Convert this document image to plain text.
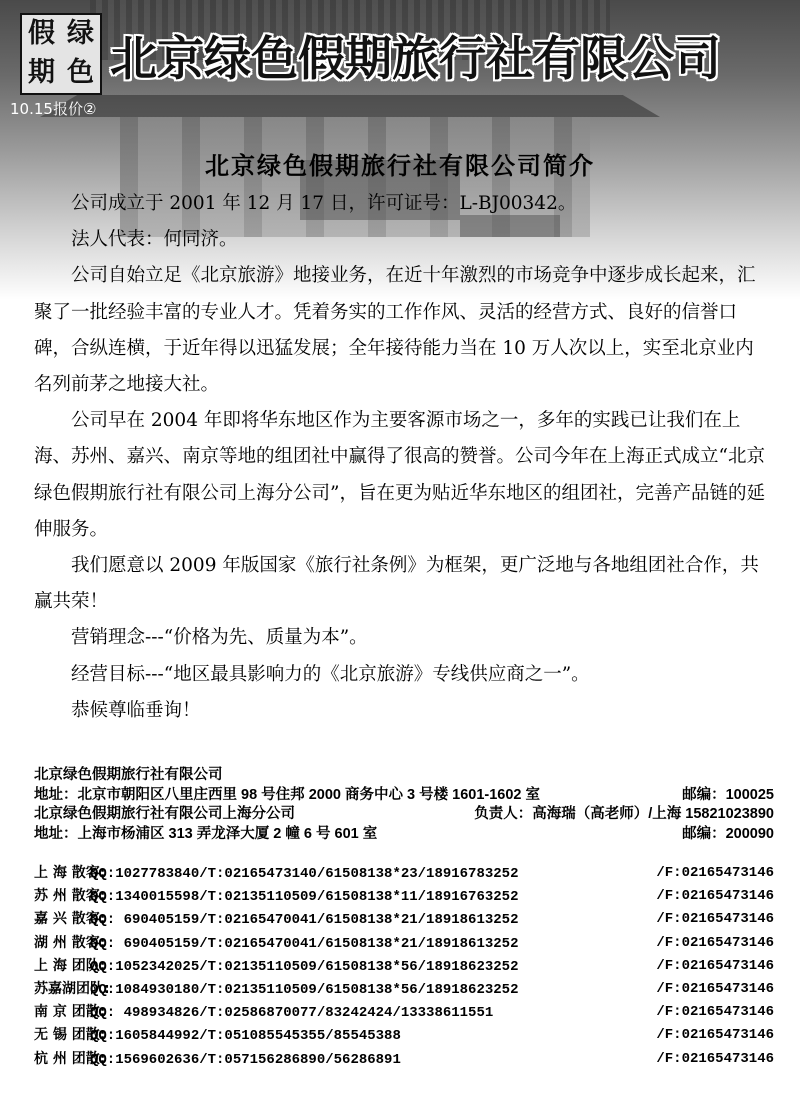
假 绿
期 色 北京绿色假期旅行社有限公司
10.15报价②
北京绿色假期旅行社有限公司简介

公司成立于 2001 年 12 月 17 日，许可证号：L-BJ00342。

法人代表：何同济。

公司自始立足《北京旅游》地接业务，在近十年激烈的市场竞争中逐步成长起来，汇聚了一批经验丰富的专业人才。凭着务实的工作作风、灵活的经营方式、良好的信誉口碑，合纵连横，于近年得以迅猛发展；全年接待能力当在 10 万人次以上，实至北京业内名列前茅之地接大社。

公司早在 2004 年即将华东地区作为主要客源市场之一，多年的实践已让我们在上海、苏州、嘉兴、南京等地的组团社中赢得了很高的赞誉。公司今年在上海正式成立“北京绿色假期旅行社有限公司上海分公司”，旨在更为贴近华东地区的组团社，完善产品链的延伸服务。

我们愿意以 2009 年版国家《旅行社条例》为框架，更广泛地与各地组团社合作，共赢共荣！

营销理念---“价格为先、质量为本”。

经营目标---“地区最具影响力的《北京旅游》专线供应商之一”。

恭候尊临垂询！

北京绿色假期旅行社有限公司
地址：北京市朝阳区八里庄西里 98 号住邦 2000 商务中心 3 号楼 1601-1602 室	邮编：100025
北京绿色假期旅行社有限公司上海分公司	负责人：高海瑞（高老师）/上海 15821023890
地址：上海市杨浦区 313 弄龙泽大厦 2 幢 6 号 601 室	邮编：200090
上 海 散客:QQ:1027783840/T:02165473140/61508138*23/18916783252	/F:02165473146
苏 州 散客:QQ:1340015598/T:02135110509/61508138*11/18916763252	/F:02165473146
嘉 兴 散客:QQ: 690405159/T:02165470041/61508138*21/18918613252	/F:02165473146
湖 州 散客:QQ: 690405159/T:02165470041/61508138*21/18918613252	/F:02165473146
上 海 团队:QQ:1052342025/T:02135110509/61508138*56/18918623252	/F:02165473146
苏嘉湖团队:QQ:1084930180/T:02135110509/61508138*56/18918623252	/F:02165473146
南 京 团散:QQ: 498934826/T:02586870077/83242424/13338611551	/F:02165473146
无 锡 团散:QQ:1605844992/T:051085545355/85545388	/F:02165473146
杭 州 团散:QQ:1569602636/T:057156286890/56286891	/F:02165473146
